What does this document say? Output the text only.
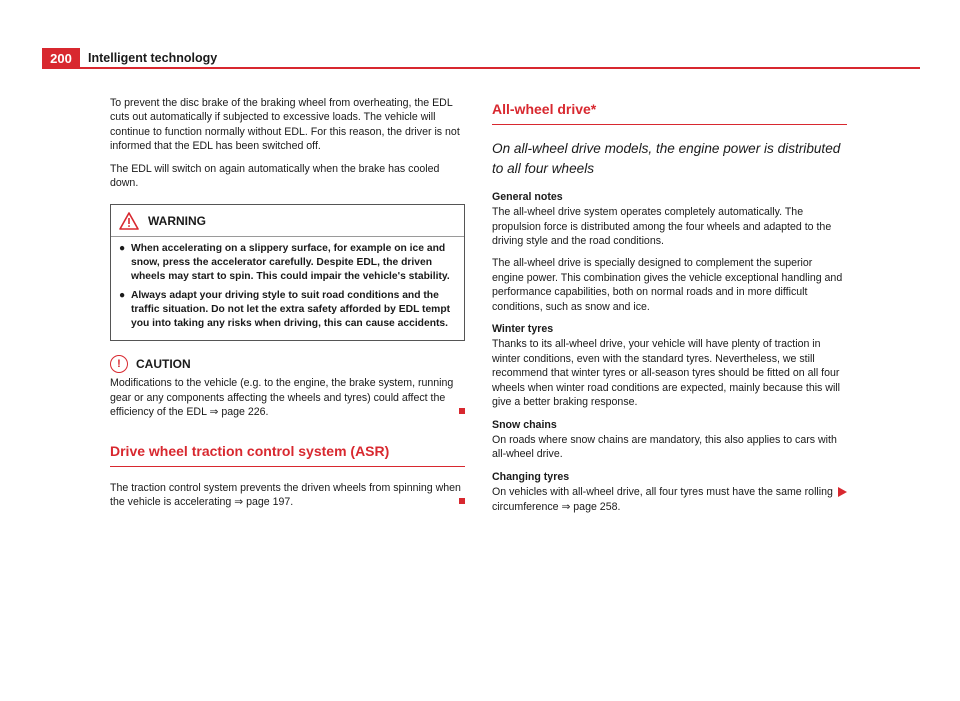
200	Intelligent technology

To prevent the disc brake of the braking wheel from overheating, the EDL cuts out automatically if subjected to excessive loads. The vehicle will continue to function normally without EDL. For this reason, the driver is not informed that the EDL has been switched off.

The EDL will switch on again automatically when the brake has cooled down.

WARNING
● When accelerating on a slippery surface, for example on ice and snow, press the accelerator carefully. Despite EDL, the driven wheels may start to spin. This could impair the vehicle's stability.
● Always adapt your driving style to suit road conditions and the traffic situation. Do not let the extra safety afforded by EDL tempt you into taking any risks when driving, this can cause accidents.
!	CAUTION

Modifications to the vehicle (e.g. to the engine, the brake system, running gear or any components affecting the wheels and tyres) could affect the efficiency of the EDL ⇒ page 226.

Drive wheel traction control system (ASR)

The traction control system prevents the driven wheels from spinning when the vehicle is accelerating ⇒ page 197.

All-wheel drive*

On all-wheel drive models, the engine power is distributed to all four wheels

General notes

The all-wheel drive system operates completely automatically. The propulsion force is distributed among the four wheels and adapted to the driving style and the road conditions.

The all-wheel drive is specially designed to complement the superior engine power. This combination gives the vehicle exceptional handling and performance capabilities, both on normal roads and in more difficult conditions, such as snow and ice.

Winter tyres

Thanks to its all-wheel drive, your vehicle will have plenty of traction in winter conditions, even with the standard tyres. Nevertheless, we still recommend that winter tyres or all-season tyres should be fitted on all four wheels when winter road conditions are expected, mainly because this will give a better braking response.

Snow chains

On roads where snow chains are mandatory, this also applies to cars with all-wheel drive.

Changing tyres

On vehicles with all-wheel drive, all four tyres must have the same rolling circumference ⇒ page 258.
